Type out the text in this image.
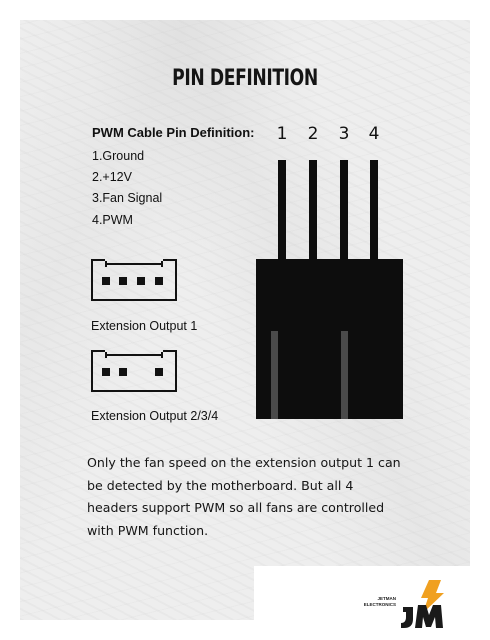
PIN DEFINITION
PWM Cable Pin Definition:
1.Ground
2.+12V
3.Fan Signal
4.PWM
1 2 3 4
Extension Output 1
Extension Output 2/3/4
Only the fan speed on the extension output 1 can be detected by the motherboard. But all 4 headers support PWM so all fans are controlled with PWM function.
JETMAN
ELECTRONICS
